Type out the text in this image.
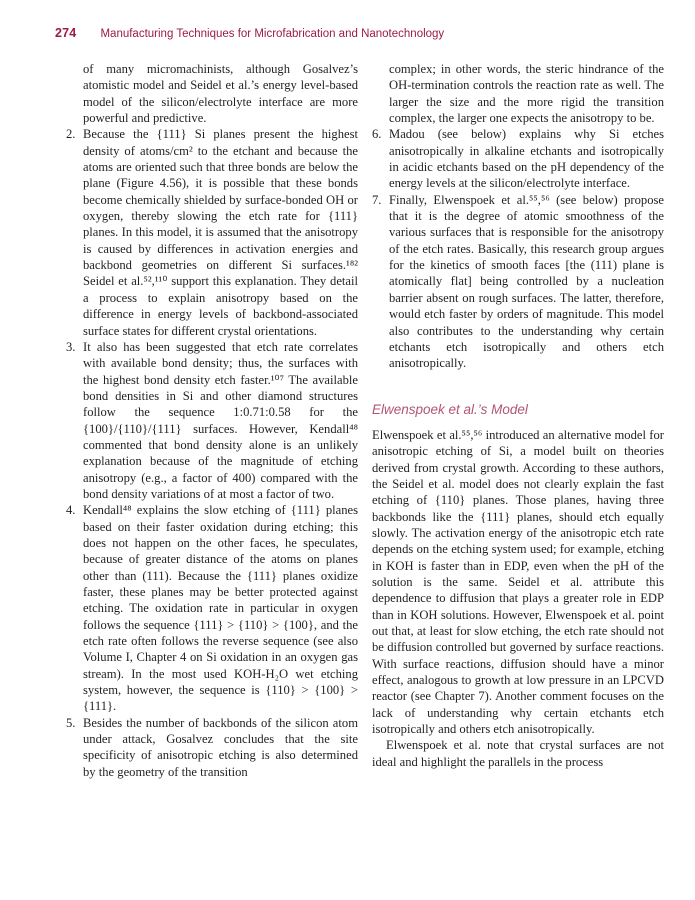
274 Manufacturing Techniques for Microfabrication and Nanotechnology

of many micromachinists, although Gosalvez’s atomistic model and Seidel et al.’s energy level-based model of the silicon/electrolyte interface are more powerful and predictive.

2. Because the {111} Si planes present the highest density of atoms/cm² to the etchant and because the atoms are oriented such that three bonds are below the plane (Figure 4.56), it is possible that these bonds become chemically shielded by surface-bonded OH or oxygen, thereby slowing the etch rate for {111} planes. In this model, it is assumed that the anisotropy is caused by differences in activation energies and backbond geometries on different Si surfaces.¹⁸² Seidel et al.⁵²,¹¹⁰ support this explanation. They detail a process to explain anisotropy based on the difference in energy levels of backbond-associated surface states for different crystal orientations.
3. It also has been suggested that etch rate correlates with available bond density; thus, the surfaces with the highest bond density etch faster.¹⁰⁷ The available bond densities in Si and other diamond structures follow the sequence 1:0.71:0.58 for the {100}/{110}/{111} surfaces. However, Kendall⁴⁸ commented that bond density alone is an unlikely explanation because of the magnitude of etching anisotropy (e.g., a factor of 400) compared with the bond density variations of at most a factor of two.
4. Kendall⁴⁸ explains the slow etching of {111} planes based on their faster oxidation during etching; this does not happen on the other faces, he speculates, because of greater distance of the atoms on planes other than (111). Because the {111} planes oxidize faster, these planes may be better protected against etching. The oxidation rate in particular in oxygen follows the sequence {111} > {110} > {100}, and the etch rate often follows the reverse sequence (see also Volume I, Chapter 4 on Si oxidation in an oxygen gas stream). In the most used KOH-H₂O wet etching system, however, the sequence is {110} > {100} > {111}.
5. Besides the number of backbonds of the silicon atom under attack, Gosalvez concludes that the site specificity of anisotropic etching is also determined by the geometry of the transition

complex; in other words, the steric hindrance of the OH-termination controls the reaction rate as well. The larger the size and the more rigid the transition complex, the larger one expects the anisotropy to be.

6. Madou (see below) explains why Si etches anisotropically in alkaline etchants and isotropically in acidic etchants based on the pH dependency of the energy levels at the silicon/electrolyte interface.
7. Finally, Elwenspoek et al.⁵⁵,⁵⁶ (see below) propose that it is the degree of atomic smoothness of the various surfaces that is responsible for the anisotropy of the etch rates. Basically, this research group argues for the kinetics of smooth faces [the (111) plane is atomically flat] being controlled by a nucleation barrier absent on rough surfaces. The latter, therefore, would etch faster by orders of magnitude. This model also contributes to the understanding why certain etchants etch isotropically and others etch anisotropically.
Elwenspoek et al.’s Model

Elwenspoek et al.⁵⁵,⁵⁶ introduced an alternative model for anisotropic etching of Si, a model built on theories derived from crystal growth. According to these authors, the Seidel et al. model does not clearly explain the fast etching of {110} planes. Those planes, having three backbonds like the {111} planes, should etch equally slowly. The activation energy of the anisotropic etch rate depends on the etching system used; for example, etching in KOH is faster than in EDP, even when the pH of the solution is the same. Seidel et al. attribute this dependence to diffusion that plays a greater role in EDP than in KOH solutions. However, Elwenspoek et al. point out that, at least for slow etching, the etch rate should not be diffusion controlled but governed by surface reactions. With surface reactions, diffusion should have a minor effect, analogous to growth at low pressure in an LPCVD reactor (see Chapter 7). Another comment focuses on the lack of understanding why certain etchants etch isotropically and others etch anisotropically.

Elwenspoek et al. note that crystal surfaces are not ideal and highlight the parallels in the process
